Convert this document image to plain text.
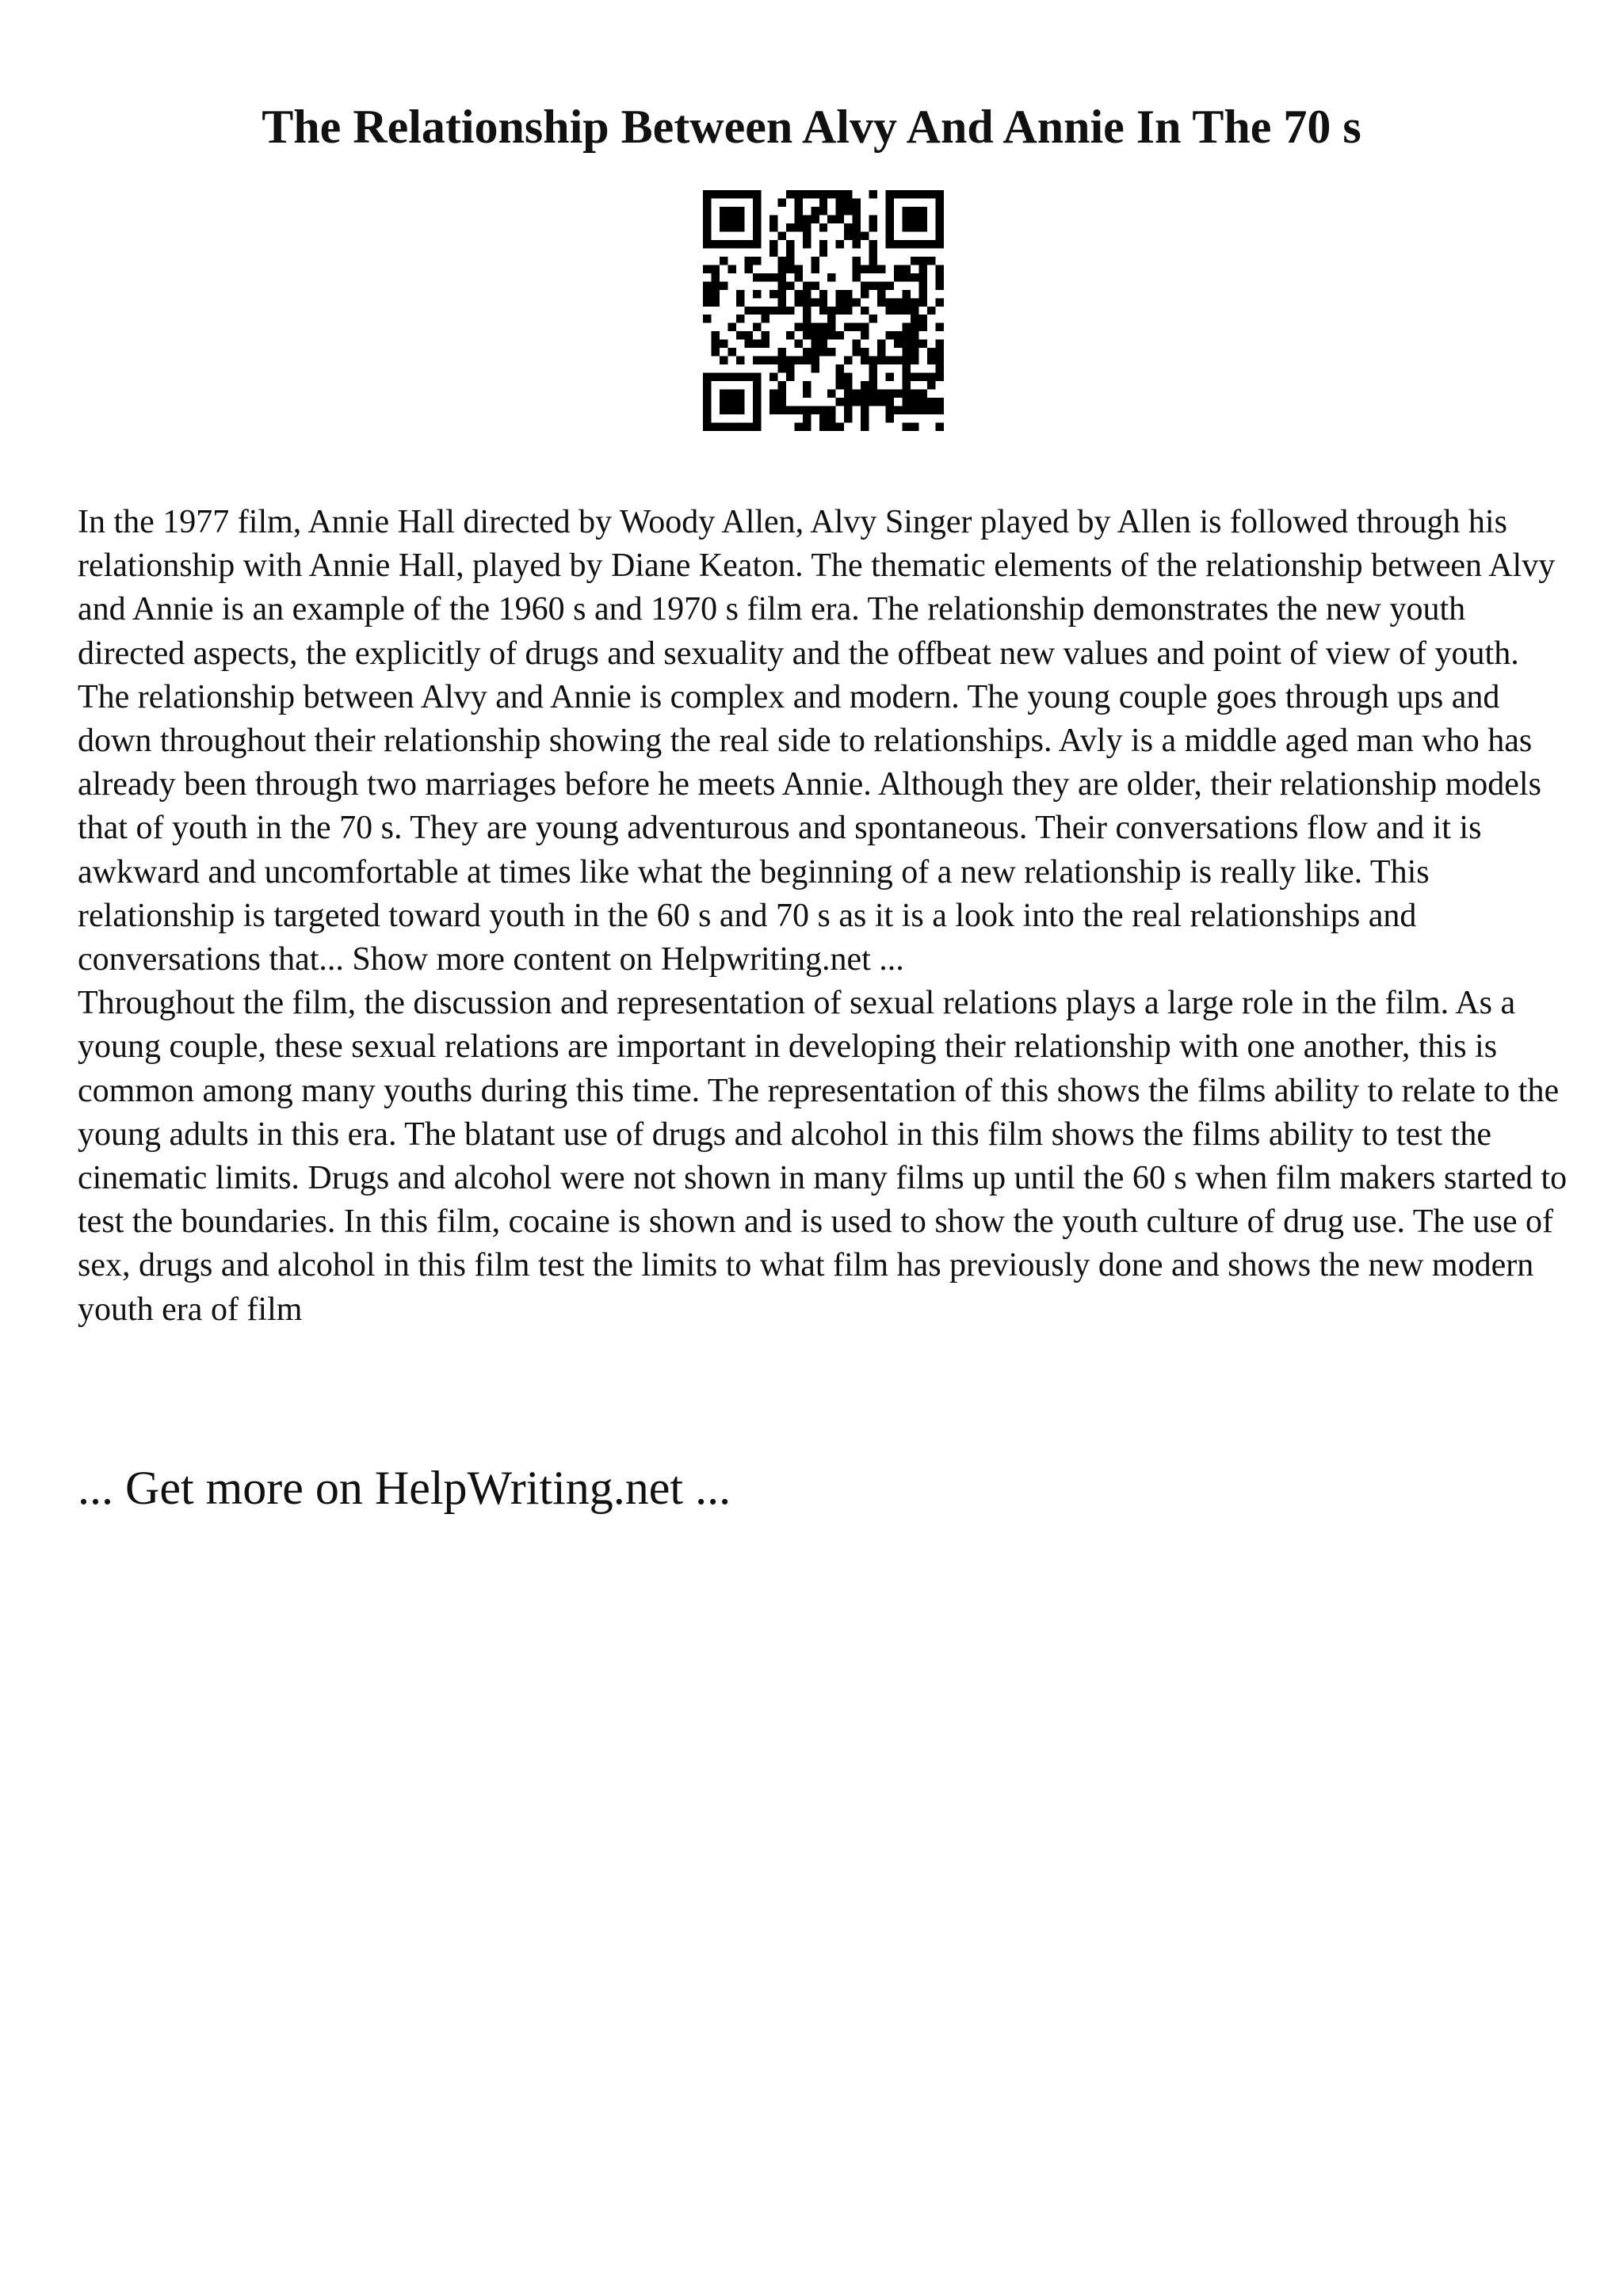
The Relationship Between Alvy And Annie In The 70 s

In the 1977 film, Annie Hall directed by Woody Allen, Alvy Singer played by Allen is followed through his relationship with Annie Hall, played by Diane Keaton. The thematic elements of the relationship between Alvy and Annie is an example of the 1960 s and 1970 s film era. The relationship demonstrates the new youth directed aspects, the explicitly of drugs and sexuality and the offbeat new values and point of view of youth. The relationship between Alvy and Annie is complex and modern. The young couple goes through ups and down throughout their relationship showing the real side to relationships. Avly is a middle aged man who has already been through two marriages before he meets Annie. Although they are older, their relationship models that of youth in the 70 s. They are young adventurous and spontaneous. Their conversations flow and it is awkward and uncomfortable at times like what the beginning of a new relationship is really like. This relationship is targeted toward youth in the 60 s and 70 s as it is a look into the real relationships and conversations that... Show more content on Helpwriting.net ...

Throughout the film, the discussion and representation of sexual relations plays a large role in the film. As a young couple, these sexual relations are important in developing their relationship with one another, this is common among many youths during this time. The representation of this shows the films ability to relate to the young adults in this era. The blatant use of drugs and alcohol in this film shows the films ability to test the cinematic limits. Drugs and alcohol were not shown in many films up until the 60 s when film makers started to test the boundaries. In this film, cocaine is shown and is used to show the youth culture of drug use. The use of sex, drugs and alcohol in this film test the limits to what film has previously done and shows the new modern youth era of film

... Get more on HelpWriting.net ...
